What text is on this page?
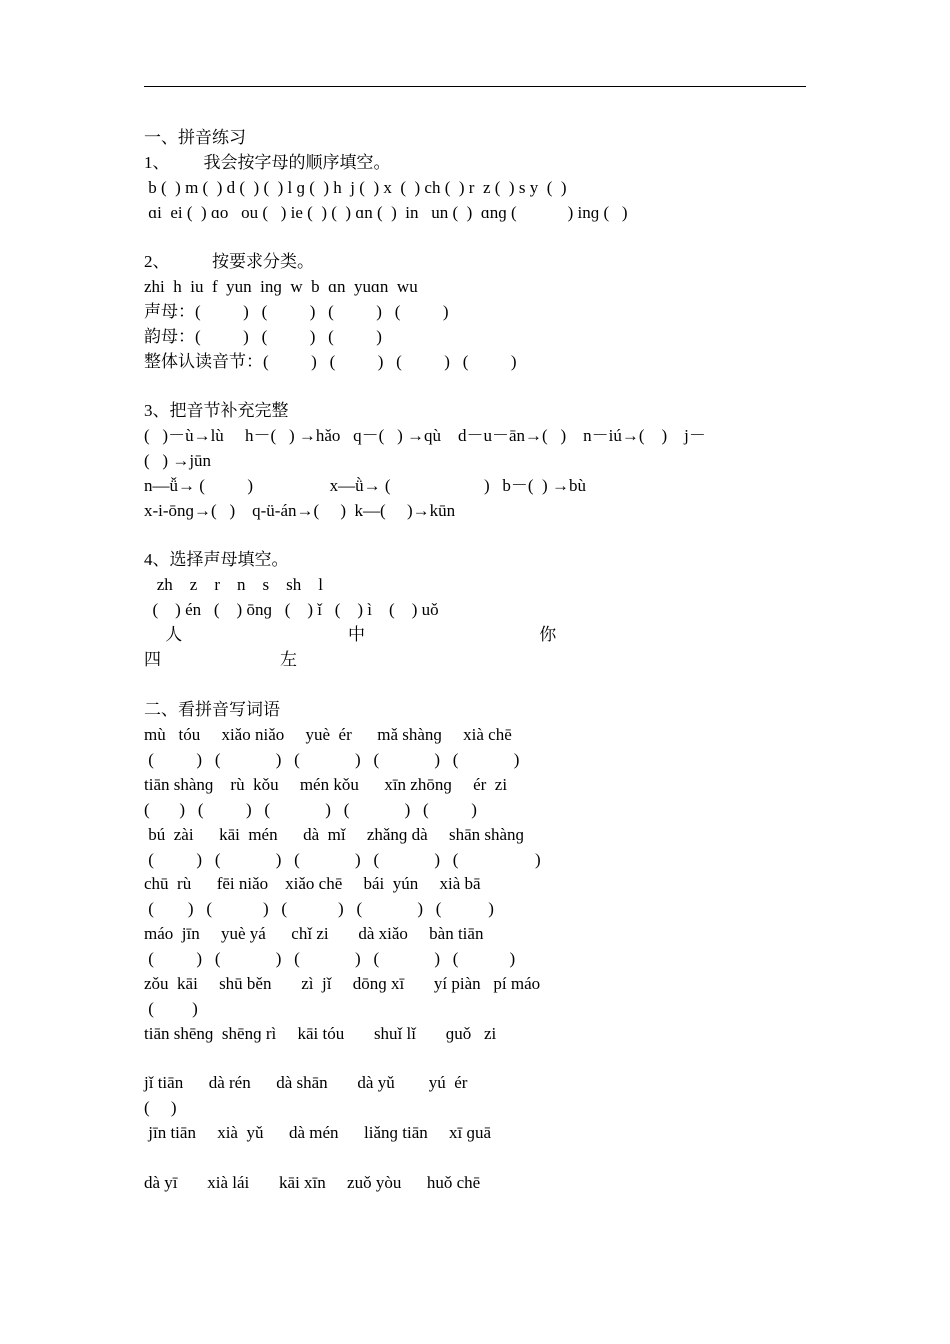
一、拼音练习
1、        我会按字母的顺序填空。
b (  ) m (  ) d (  ) (  ) l ɡ (  ) h  j (  ) x  (  ) ch (  ) r  z (  ) s y  (  )
ɑi  ei (  ) ɑo   ou (   ) ie (  ) (  ) ɑn (  )  in   un (  )  ɑnɡ (            ) inɡ (   )
2、          按要求分类。
zhi  h  iu  f  yun  inɡ  w  b  ɑn  yuɑn  wu
声母：(          )   (          )   (          )   (          )
韵母：(          )   (          )   (          )
整体认读音节：(          )   (          )   (          )   (          )
3、把音节补充完整
(   )－ù→lù     h－(   ) →hǎo   q－(   ) →qù    d－u－ān→(   )    n－iú→(    )    j－
(   ) →jūn
n—ǚ→ (          )                  x—ǜ→ (                      )   b－(  ) →bù
x-i-ōnɡ→(   )    q-ü-án→(     )  k—(     )→kūn
4、选择声母填空。
zh    z    r    n    s    sh    l
(    ) én   (    ) ōnɡ   (    ) ǐ   (    ) ì    (    ) uǒ
人                                       中                                         你
四                            左
二、看拼音写词语
mù   tóu     xiǎo niǎo     yuè  ér      mǎ shànɡ     xià chē
(          )   (             )   (             )   (             )   (             )
tiān shànɡ    rù  kǒu     mén kǒu      xīn zhōnɡ     ér  zi
(       )   (          )   (             )   (             )   (          )
bú  zài      kāi  mén      dà  mǐ     zhǎnɡ dà     shān shànɡ
(          )   (             )   (             )   (             )   (                  )
chū  rù      fēi niǎo    xiǎo chē     bái  yún     xià bā
(        )   (            )   (            )   (             )   (           )
máo  jīn     yuè yá      chǐ zi       dà xiǎo     bàn tiān
(          )   (             )   (             )   (             )   (            )
zǒu  kāi     shū běn       zì  jǐ     dōnɡ xī       yí piàn   pí máo
(         )
tiān shēnɡ  shēnɡ rì     kāi tóu       shuǐ lǐ       ɡuǒ   zi
jǐ tiān      dà rén      dà shān       dà yǔ        yú  ér
(     )
jīn tiān     xià  yǔ      dà mén      liǎnɡ tiān     xī ɡuā
dà yī       xià lái       kāi xīn     zuǒ yòu      huǒ chē
